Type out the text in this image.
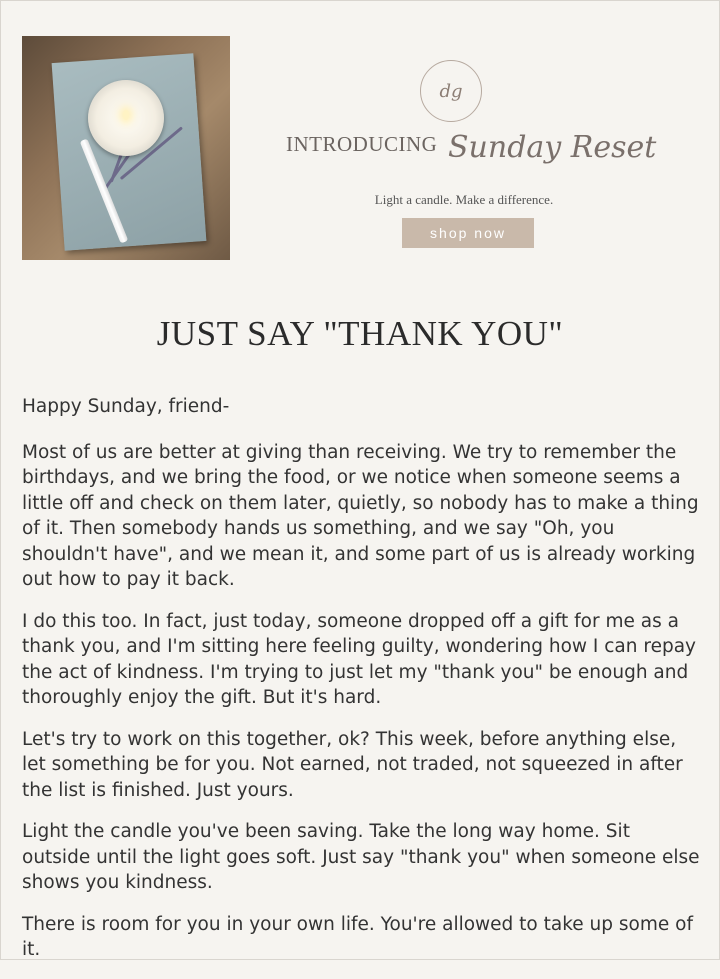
dg
INTRODUCING Sunday Reset
Light a candle. Make a difference.
shop now
JUST SAY "THANK YOU"

Happy Sunday, friend-

Most of us are better at giving than receiving. We try to remember the birthdays, and we bring the food, or we notice when someone seems a little off and check on them later, quietly, so nobody has to make a thing of it. Then somebody hands us something, and we say "Oh, you shouldn't have", and we mean it, and some part of us is already working out how to pay it back.

I do this too. In fact, just today, someone dropped off a gift for me as a thank you, and I'm sitting here feeling guilty, wondering how I can repay the act of kindness. I'm trying to just let my "thank you" be enough and thoroughly enjoy the gift. But it's hard.

Let's try to work on this together, ok? This week, before anything else, let something be for you. Not earned, not traded, not squeezed in after the list is finished. Just yours.

Light the candle you've been saving. Take the long way home. Sit outside until the light goes soft. Just say "thank you" when someone else shows you kindness.

There is room for you in your own life. You're allowed to take up some of it.
